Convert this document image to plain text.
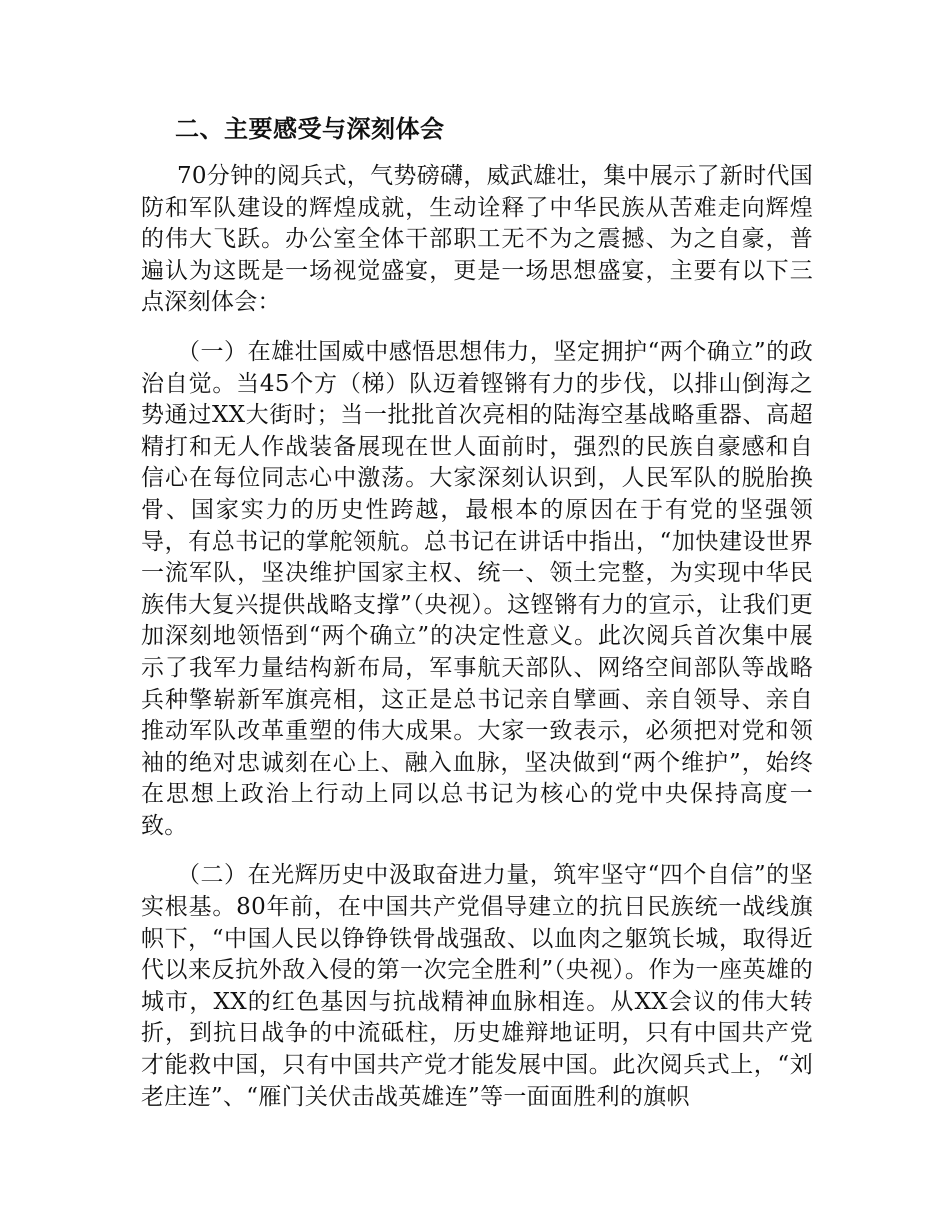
二、主要感受与深刻体会

70分钟的阅兵式，气势磅礴，威武雄壮，集中展示了新时代国防和军队建设的辉煌成就，生动诠释了中华民族从苦难走向辉煌的伟大飞跃。办公室全体干部职工无不为之震撼、为之自豪，普遍认为这既是一场视觉盛宴，更是一场思想盛宴，主要有以下三点深刻体会：

（一）在雄壮国威中感悟思想伟力，坚定拥护“两个确立”的政治自觉。当45个方（梯）队迈着铿锵有力的步伐，以排山倒海之势通过XX大街时；当一批批首次亮相的陆海空基战略重器、高超精打和无人作战装备展现在世人面前时，强烈的民族自豪感和自信心在每位同志心中激荡。大家深刻认识到，人民军队的脱胎换骨、国家实力的历史性跨越，最根本的原因在于有党的坚强领导，有总书记的掌舵领航。总书记在讲话中指出，“加快建设世界一流军队，坚决维护国家主权、统一、领土完整，为实现中华民族伟大复兴提供战略支撑”（央视）。这铿锵有力的宣示，让我们更加深刻地领悟到“两个确立”的决定性意义。此次阅兵首次集中展示了我军力量结构新布局，军事航天部队、网络空间部队等战略兵种擎崭新军旗亮相，这正是总书记亲自擘画、亲自领导、亲自推动军队改革重塑的伟大成果。大家一致表示，必须把对党和领袖的绝对忠诚刻在心上、融入血脉，坚决做到“两个维护”，始终在思想上政治上行动上同以总书记为核心的党中央保持高度一致。

（二）在光辉历史中汲取奋进力量，筑牢坚守“四个自信”的坚实根基。80年前，在中国共产党倡导建立的抗日民族统一战线旗帜下，“中国人民以铮铮铁骨战强敌、以血肉之躯筑长城，取得近代以来反抗外敌入侵的第一次完全胜利”（央视）。作为一座英雄的城市，XX的红色基因与抗战精神血脉相连。从XX会议的伟大转折，到抗日战争的中流砥柱，历史雄辩地证明，只有中国共产党才能救中国，只有中国共产党才能发展中国。此次阅兵式上，“刘老庄连”、“雁门关伏击战英雄连”等一面面胜利的旗帜
